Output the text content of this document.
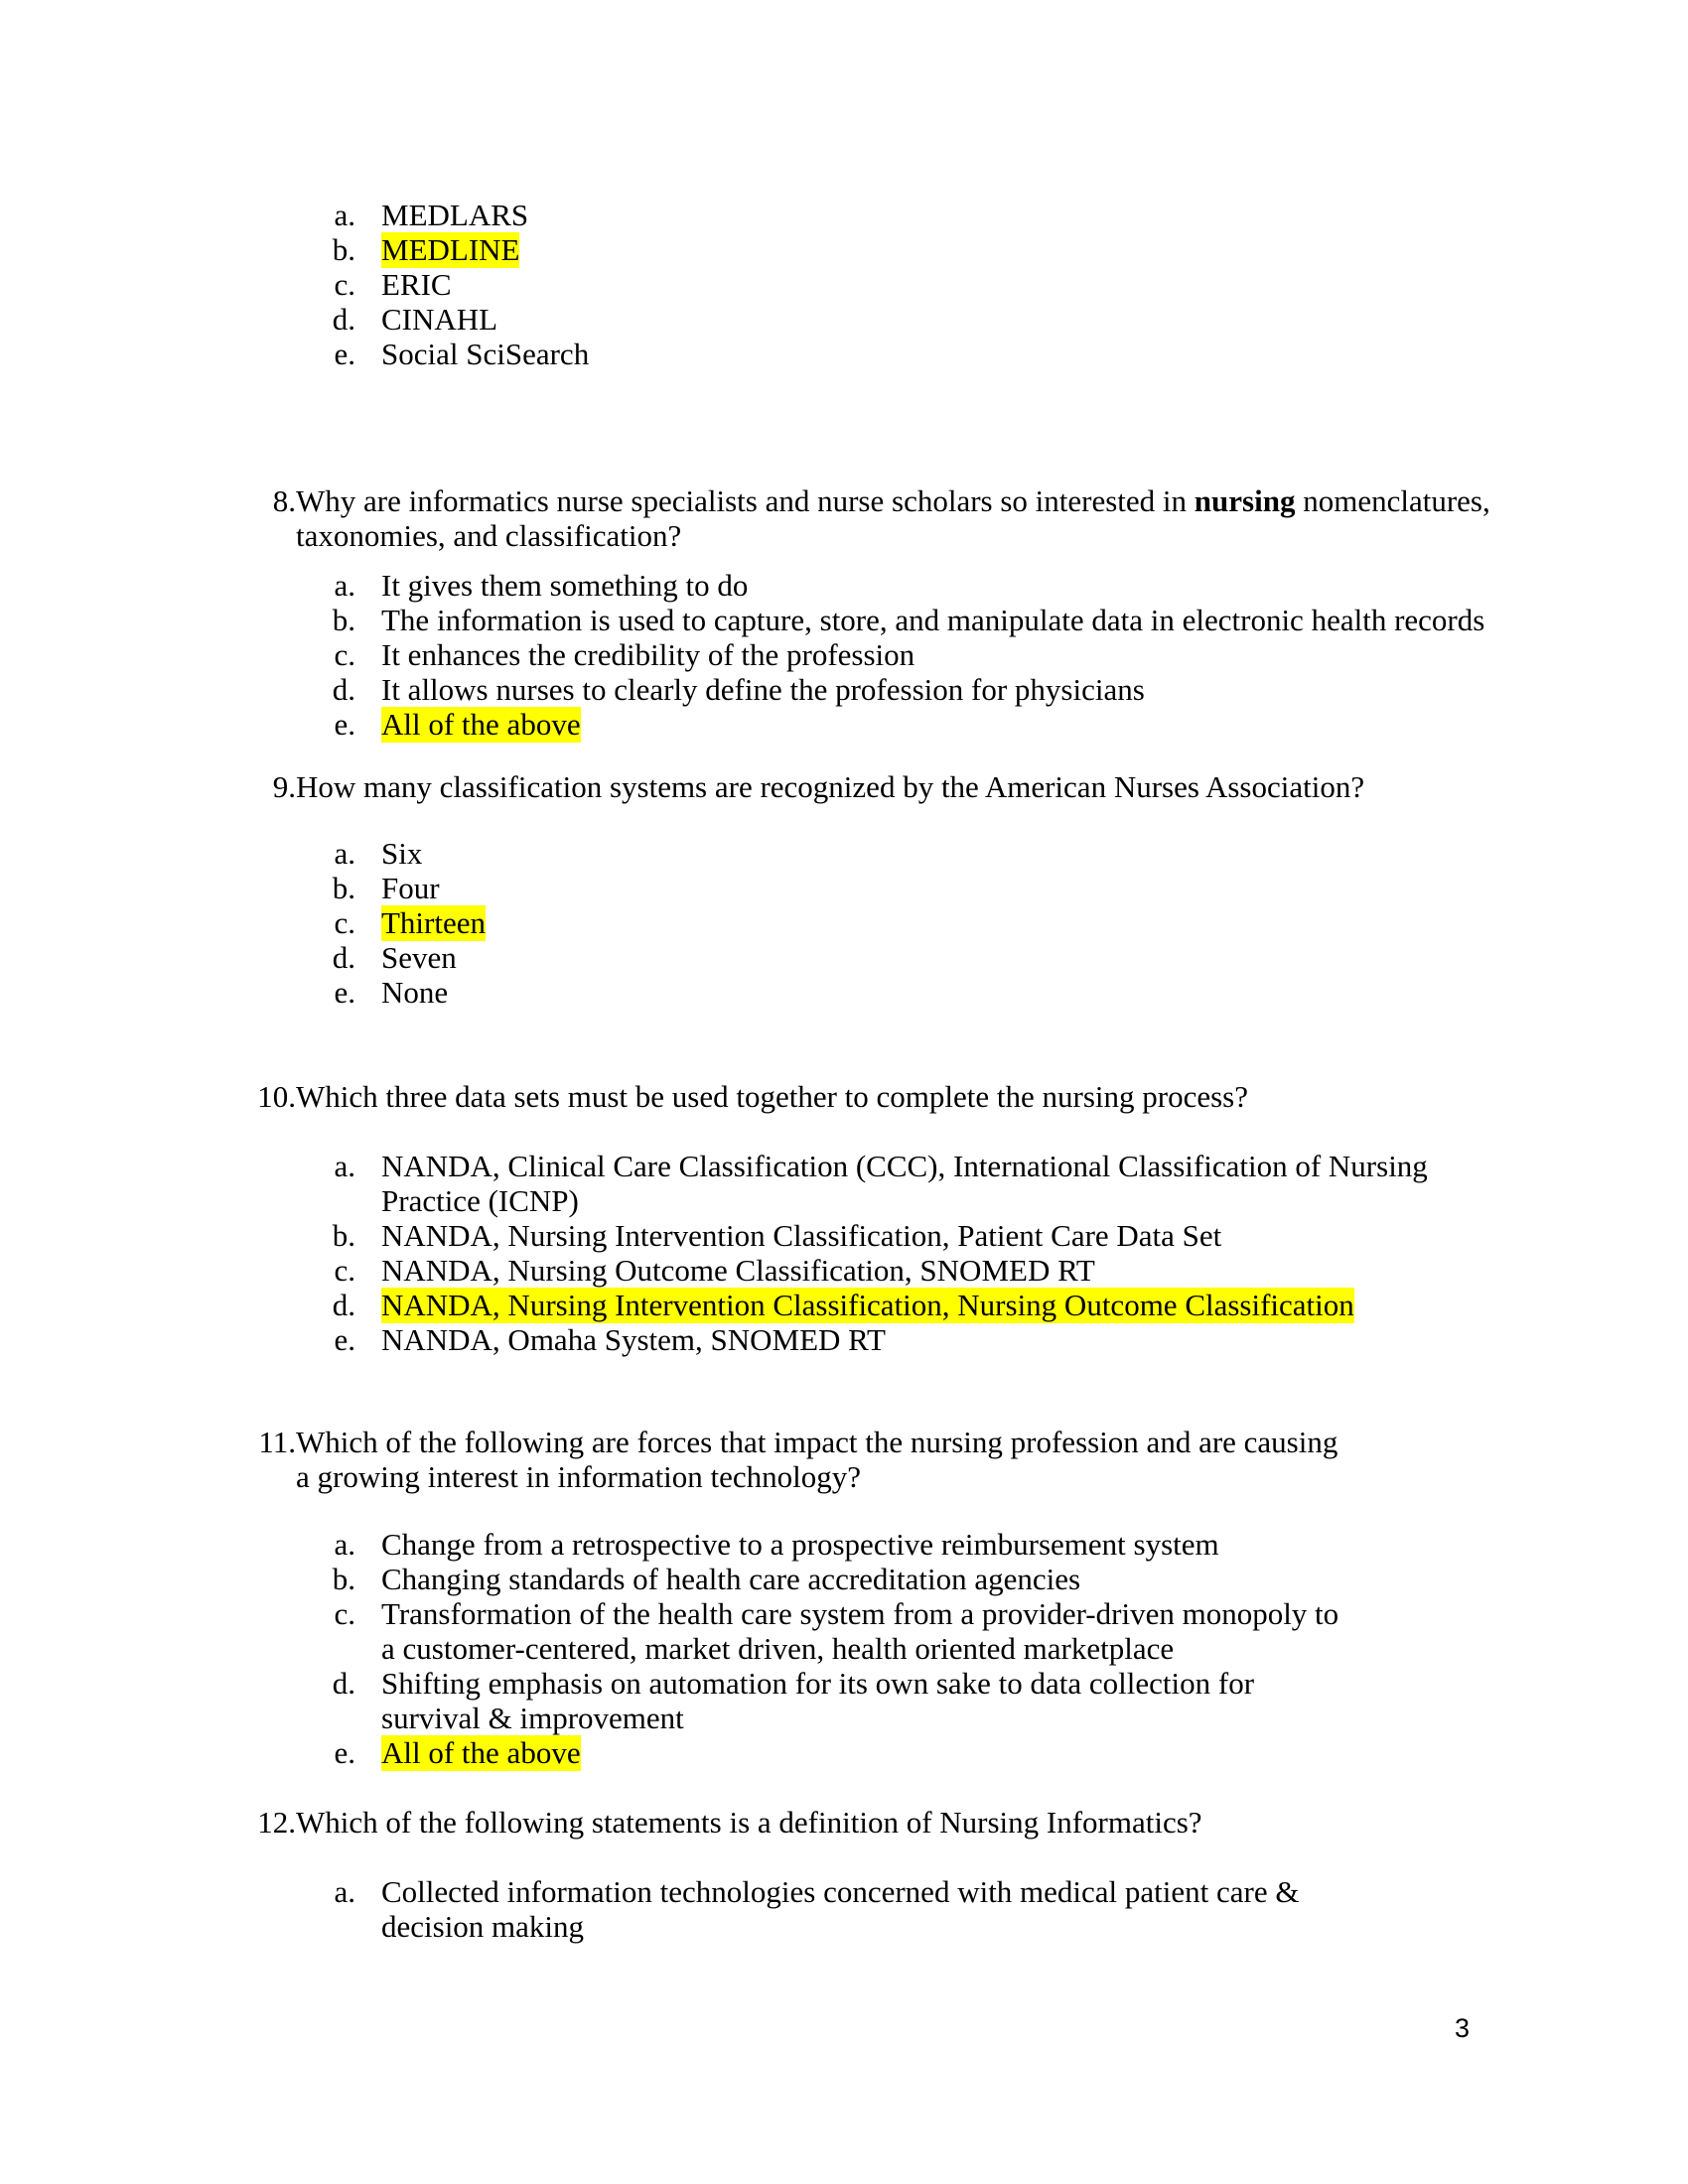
a. MEDLARS
b. MEDLINE
c. ERIC
d. CINAHL
e. Social SciSearch
8. Why are informatics nurse specialists and nurse scholars so interested in nursing nomenclatures,
taxonomies, and classification?
a. It gives them something to do
b. The information is used to capture, store, and manipulate data in electronic health records
c. It enhances the credibility of the profession
d. It allows nurses to clearly define the profession for physicians
e. All of the above
9. How many classification systems are recognized by the American Nurses Association?
a. Six
b. Four
c. Thirteen
d. Seven
e. None
10. Which three data sets must be used together to complete the nursing process?
a. NANDA, Clinical Care Classification (CCC), International Classification of Nursing
Practice (ICNP)
b. NANDA, Nursing Intervention Classification, Patient Care Data Set
c. NANDA, Nursing Outcome Classification, SNOMED RT
d. NANDA, Nursing Intervention Classification, Nursing Outcome Classification
e. NANDA, Omaha System, SNOMED RT
11. Which of the following are forces that impact the nursing profession and are causing
a growing interest in information technology?
a. Change from a retrospective to a prospective reimbursement system
b. Changing standards of health care accreditation agencies
c. Transformation of the health care system from a provider-driven monopoly to
a customer-centered, market driven, health oriented marketplace
d. Shifting emphasis on automation for its own sake to data collection for
survival & improvement
e. All of the above
12. Which of the following statements is a definition of Nursing Informatics?
a. Collected information technologies concerned with medical patient care &
decision making
3
